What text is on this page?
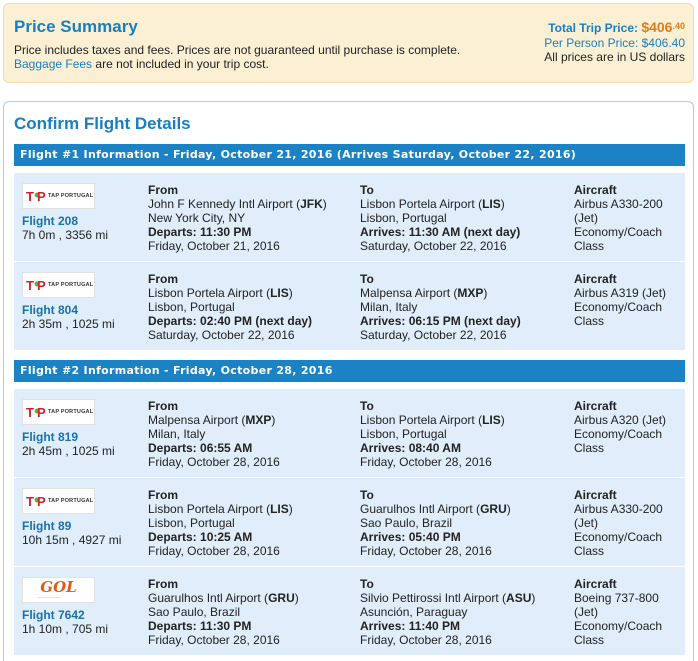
Price Summary
Price includes taxes and fees. Prices are not guaranteed until purchase is complete.
Baggage Fees are not included in your trip cost.
Total Trip Price: $\$406^{.40}$
Per Person Price: $406.40
All prices are in US dollars
Confirm Flight Details
Flight #1 Information - Friday, October 21, 2016 (Arrives Saturday, October 22, 2016)
T P TAP PORTUGAL
Flight 208
7h 0m , 3356 mi
From
John F Kennedy Intl Airport (JFK)
New York City, NY
Departs: 11:30 PM
Friday, October 21, 2016
To
Lisbon Portela Airport (LIS)
Lisbon, Portugal
Arrives: 11:30 AM (next day)
Saturday, October 22, 2016
Aircraft
Airbus A330-200 (Jet) Economy/Coach Class
T P TAP PORTUGAL
Flight 804
2h 35m , 1025 mi
From
Lisbon Portela Airport (LIS)
Lisbon, Portugal
Departs: 02:40 PM (next day)
Saturday, October 22, 2016
To
Malpensa Airport (MXP)
Milan, Italy
Arrives: 06:15 PM (next day)
Saturday, October 22, 2016
Aircraft
Airbus A319 (Jet) Economy/Coach Class
Flight #2 Information - Friday, October 28, 2016
T P TAP PORTUGAL
Flight 819
2h 45m , 1025 mi
From
Malpensa Airport (MXP)
Milan, Italy
Departs: 06:55 AM
Friday, October 28, 2016
To
Lisbon Portela Airport (LIS)
Lisbon, Portugal
Arrives: 08:40 AM
Friday, October 28, 2016
Aircraft
Airbus A320 (Jet) Economy/Coach Class
T P TAP PORTUGAL
Flight 89
10h 15m , 4927 mi
From
Lisbon Portela Airport (LIS)
Lisbon, Portugal
Departs: 10:25 AM
Friday, October 28, 2016
To
Guarulhos Intl Airport (GRU)
Sao Paulo, Brazil
Arrives: 05:40 PM
Friday, October 28, 2016
Aircraft
Airbus A330-200 (Jet) Economy/Coach Class
GOL
~~~~~~~~~~
Flight 7642
1h 10m , 705 mi
From
Guarulhos Intl Airport (GRU)
Sao Paulo, Brazil
Departs: 11:30 PM
Friday, October 28, 2016
To
Silvio Pettirossi Intl Airport (ASU)
Asunción, Paraguay
Arrives: 11:40 PM
Friday, October 28, 2016
Aircraft
Boeing 737-800 (Jet) Economy/Coach Class
